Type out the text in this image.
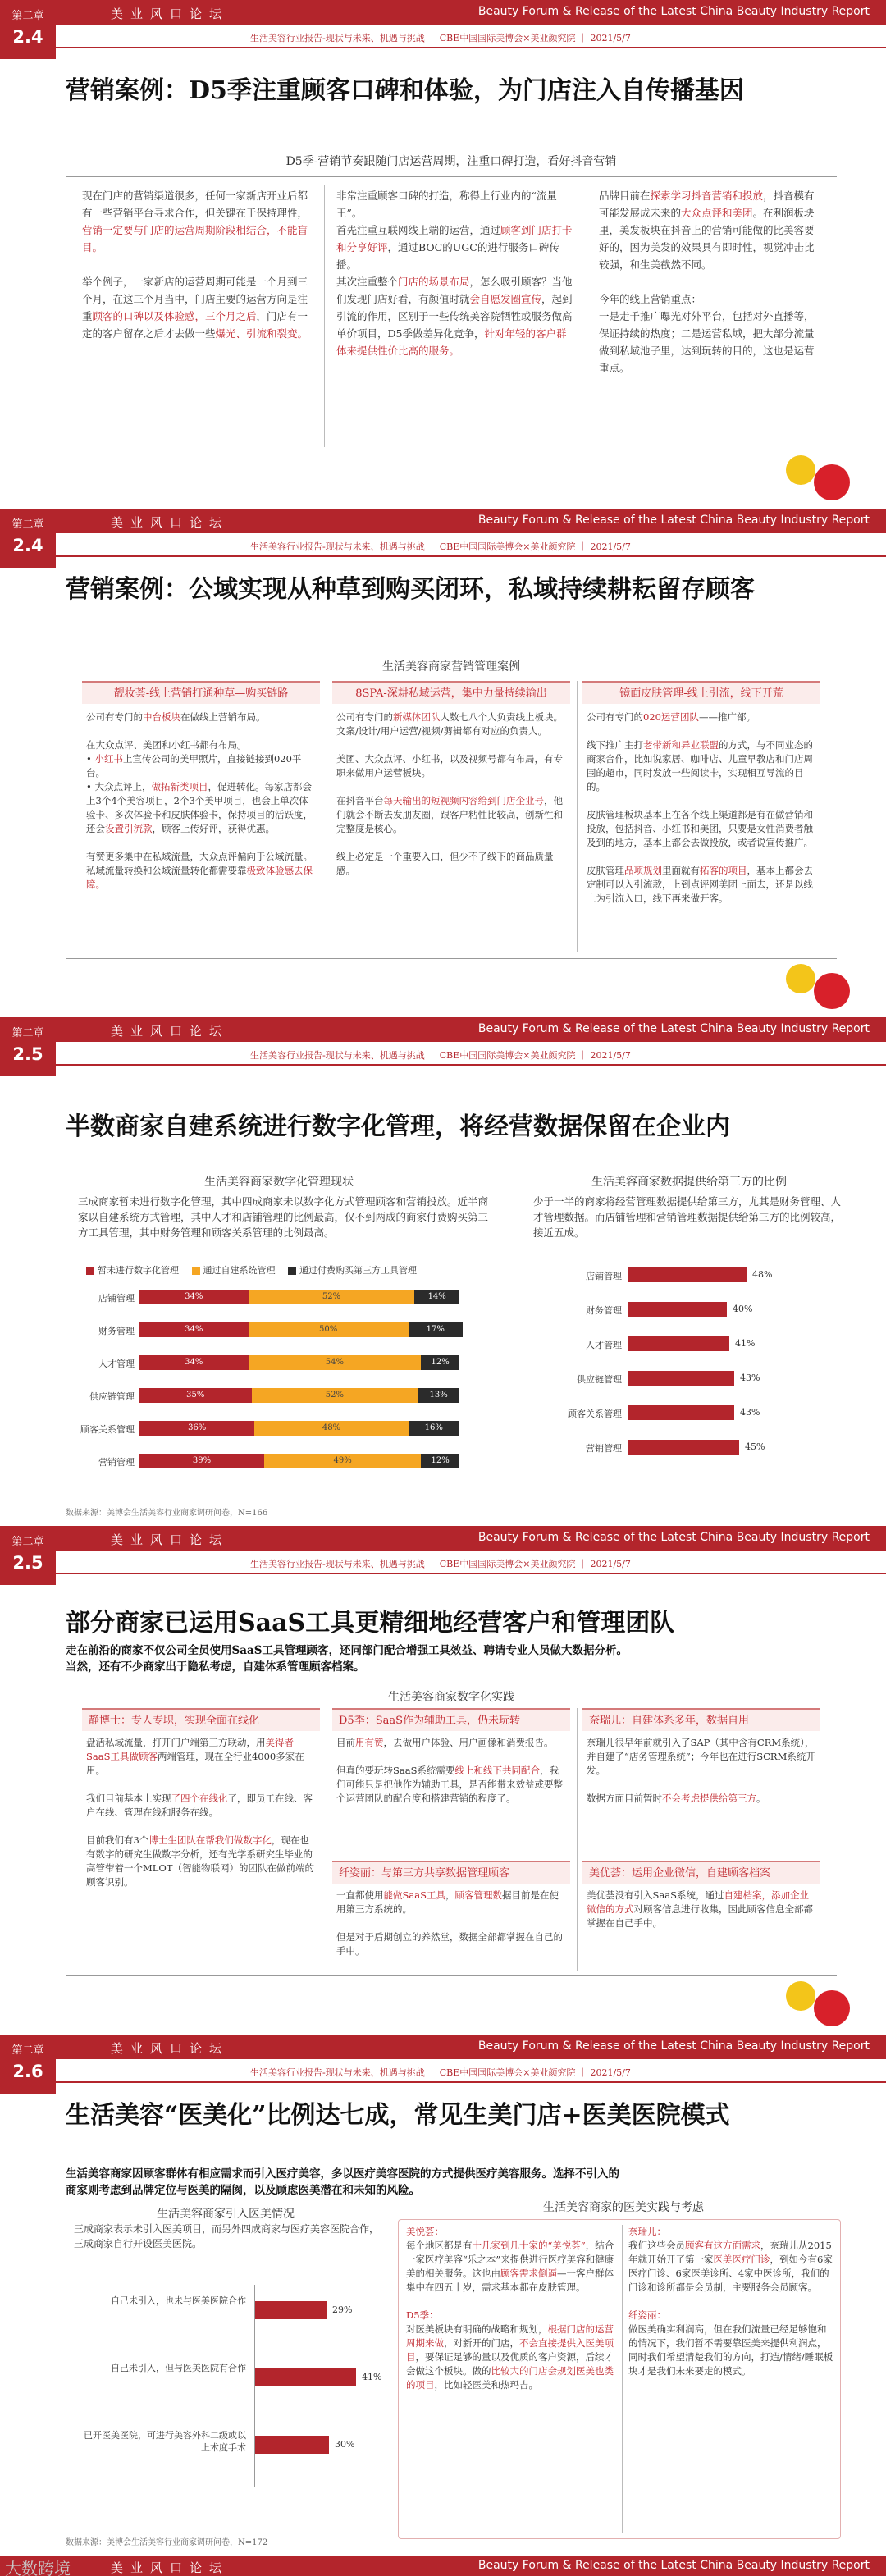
美业风口论坛	Beauty Forum & Release of the Latest China Beauty Industry Report
第二章
2.4	生活美容行业报告-现状与未来、机遇与挑战 ｜ CBE中国国际美博会×美业颜究院 ｜ 2021/5/7
营销案例：D5季注重顾客口碑和体验，为门店注入自传播基因
D5季-营销节奏跟随门店运营周期，注重口碑打造，看好抖音营销

现在门店的营销渠道很多，任何一家新店开业后都有一些营销平台寻求合作，但关键在于保持理性，营销一定要与门店的运营周期阶段相结合，不能盲目。

举个例子，一家新店的运营周期可能是一个月到三个月，在这三个月当中，门店主要的运营方向是注重顾客的口碑以及体验感，三个月之后，门店有一定的客户留存之后才去做一些爆光、引流和裂变。

非常注重顾客口碑的打造，称得上行业内的“流量王”。

首先注重互联网线上端的运营，通过顾客到门店打卡和分享好评，通过BOC的UGC的进行服务口碑传播。

其次注重整个门店的场景布局，怎么吸引顾客？当他们发现门店好看，有颜值时就会自愿发圈宣传，起到引流的作用，区别于一些传统美容院牺牲或服务做高单价项目，D5季做差异化竞争，针对年轻的客户群体来提供性价比高的服务。

品牌目前在探索学习抖音营销和投放，抖音模有可能发展成未来的大众点评和美团。在利润板块里，美发板块在抖音上的营销可能做的比美容要好的，因为美发的效果具有即时性，视觉冲击比较强，和生美截然不同。

今年的线上营销重点：

一是走千推广曝光对外平台，包括对外直播等，保证持续的热度；二是运营私域，把大部分流量做到私域池子里，达到玩转的目的，这也是运营重点。

美业风口论坛	Beauty Forum & Release of the Latest China Beauty Industry Report
第二章
2.4	生活美容行业报告-现状与未来、机遇与挑战 ｜ CBE中国国际美博会×美业颜究院 ｜ 2021/5/7
营销案例：公域实现从种草到购买闭环，私域持续耕耘留存顾客
生活美容商家营销管理案例
靓妆荟-线上营销打通种草—购买链路	8SPA-深耕私域运营，集中力量持续输出	镜面皮肤管理-线上引流，线下开荒

公司有专门的中台板块在做线上营销布局。

在大众点评、美团和小红书都有布局。

• 小红书上宣传公司的美甲照片，直接链接到020平台。

• 大众点评上，做拓新类项目，促进转化。每家店都会上3个4个美容项目，2个3个美甲项目，也会上单次体验卡、多次体验卡和皮肤体验卡，保持项目的活跃度，还会设置引流款，顾客上传好评，获得优惠。

有赞更多集中在私域流量，大众点评偏向于公域流量。私域流量转换和公域流量转化都需要靠极致体验感去保障。

公司有专门的新媒体团队人数七八个人负责线上板块。文案/设计/用户运营/视频/剪辑都有对应的负责人。

美团、大众点评、小红书，以及视频号都有布局，有专职来做用户运营板块。

在抖音平台每天输出的短视频内容给到门店企业号，他们就会不断去发朋友圈，跟客户粘性比较高，创新性和完整度是核心。

线上必定是一个重要入口，但少不了线下的商品质量感。

公司有专门的020运营团队——推广部。

线下推广主打老带新和异业联盟的方式，与不同业态的商家合作，比如说家居、咖啡店、儿童早教店和门店周围的超市，同时发放一些阅读卡，实现相互导流的目的。

皮肤管理板块基本上在各个线上渠道都是有在做营销和投放，包括抖音、小红书和美团，只要是女性消费者触及到的地方，基本上都会去做投放，或者说宣传推广。

皮肤管理品项规划里面就有拓客的项目，基本上都会去定制可以入引流款，上到点评网美团上面去，还是以线上为引流入口，线下再来做开客。

美业风口论坛	Beauty Forum & Release of the Latest China Beauty Industry Report
第二章
2.5	生活美容行业报告-现状与未来、机遇与挑战 ｜ CBE中国国际美博会×美业颜究院 ｜ 2021/5/7
半数商家自建系统进行数字化管理，将经营数据保留在企业内
生活美容商家数字化管理现状
三成商家暂未进行数字化管理，其中四成商家未以数字化方式管理顾客和营销投放。近半商家以自建系统方式管理，其中人才和店铺管理的比例最高，仅不到两成的商家付费购买第三方工具管理，其中财务管理和顾客关系管理的比例最高。
暂未进行数字化管理	通过自建系统管理	通过付费购买第三方工具管理
店铺管理	34%	52%	14%
财务管理	34%	50%	17%
人才管理	34%	54%	12%
供应链管理	35%	52%	13%
顾客关系管理	36%	48%	16%
营销管理	39%	49%	12%
生活美容商家数据提供给第三方的比例
少于一半的商家将经营管理数据提供给第三方，尤其是财务管理、人才管理数据。而店铺管理和营销管理数据提供给第三方的比例较高，接近五成。
店铺管理	48%
财务管理	40%
人才管理	41%
供应链管理	43%
顾客关系管理	43%
营销管理	45%
数据来源：美博会生活美容行业商家调研问卷，N=166
美业风口论坛	Beauty Forum & Release of the Latest China Beauty Industry Report
第二章
2.5	生活美容行业报告-现状与未来、机遇与挑战 ｜ CBE中国国际美博会×美业颜究院 ｜ 2021/5/7
部分商家已运用SaaS工具更精细地经营客户和管理团队

走在前沿的商家不仅公司全员使用SaaS工具管理顾客，还同部门配合增强工具效益、聘请专业人员做大数据分析。

当然，还有不少商家出于隐私考虑，自建体系管理顾客档案。

生活美容商家数字化实践
静博士：专人专职，实现全面在线化

盘活私域流量，打开门户端第三方联动，用美得者SaaS工具做顾客两端管理，现在全行业4000多家在用。

我们目前基本上实现了四个在线化了，即员工在线、客户在线、管理在线和服务在线。

目前我们有3个博士生团队在帮我们做数字化，现在也有数字的研究生做数字分析，还有光学系研究生毕业的高管带着一个MLOT（智能物联网）的团队在做前端的顾客识别。

D5季：SaaS作为辅助工具，仍未玩转

目前用有赞，去做用户体验、用户画像和消费报告。

但真的要玩转SaaS系统需要线上和线下共同配合，我们可能只是把他作为辅助工具，是否能带来效益或要整个运营团队的配合度和搭建营销的程度了。

纤姿丽：与第三方共享数据管理顾客

一直都使用能做SaaS工具，顾客管理数据目前是在使用第三方系统的。

但是对于后期创立的养然堂，数据全部都掌握在自己的手中。

奈瑞儿：自建体系多年，数据自用

奈瑞儿很早年前就引入了SAP（其中含有CRM系统），并自建了“店务管理系统”；今年也在进行SCRM系统开发。

数据方面目前暂时不会考虑提供给第三方。

美优荟：运用企业微信，自建顾客档案

美优荟没有引入SaaS系统，通过自建档案，添加企业微信的方式对顾客信息进行收集，因此顾客信息全部都掌握在自己手中。

美业风口论坛	Beauty Forum & Release of the Latest China Beauty Industry Report
第二章
2.6	生活美容行业报告-现状与未来、机遇与挑战 ｜ CBE中国国际美博会×美业颜究院 ｜ 2021/5/7
生活美容“医美化”比例达七成，常见生美门店+医美医院模式

生活美容商家因顾客群体有相应需求而引入医疗美容，多以医疗美容医院的方式提供医疗美容服务。选择不引入的

商家则考虑到品牌定位与医美的隔阂，以及顾虑医美潜在和未知的风险。

生活美容商家引入医美情况
三成商家表示未引入医美项目，而另外四成商家与医疗美容医院合作，三成商家自行开设医美医院。
自己未引入，也未与医美医院合作
29%
自己未引入，但与医美医院有合作
41%
已开医美医院，可进行美容外科二级或以上术度手术	30%
数据来源：美博会生活美容行业商家调研问卷，N=172
生活美容商家的医美实践与考虑

美悦荟：

每个地区都是有十几家到几十家的“美悦荟”，结合一家医疗美容“乐之本”来提供进行医疗美容和健康美的相关服务。这也由顾客需求倒逼—一客户群体集中在四五十岁，需求基本都在皮肤管理。

D5季：

对医美板块有明确的战略和规划，根据门店的运营周期来做，对新开的门店，不会直接提供入医美项目，要保证足够的量以及优质的客户资源，后续才会做这个板块。做的比较大的门店会规划医美也类的项目，比如轻医美和热玛吉。

奈瑞儿：

我们这些会员顾客有这方面需求，奈瑞儿从2015年就开始开了第一家医美医疗门诊，到如今有6家医疗门诊、6家医美诊所、4家中医诊所，我们的门诊和诊所都是会员制，主要服务会员顾客。

纤姿丽：

做医美确实利润高，但在我们流量已经足够饱和的情况下，我们暂不需要靠医美来提供利润点，同时我们希望清楚我们的方向，打造/情绪/睡眠板块才是我们未来要走的模式。

美业风口论坛	Beauty Forum & Release of the Latest China Beauty Industry Report
大数跨境
